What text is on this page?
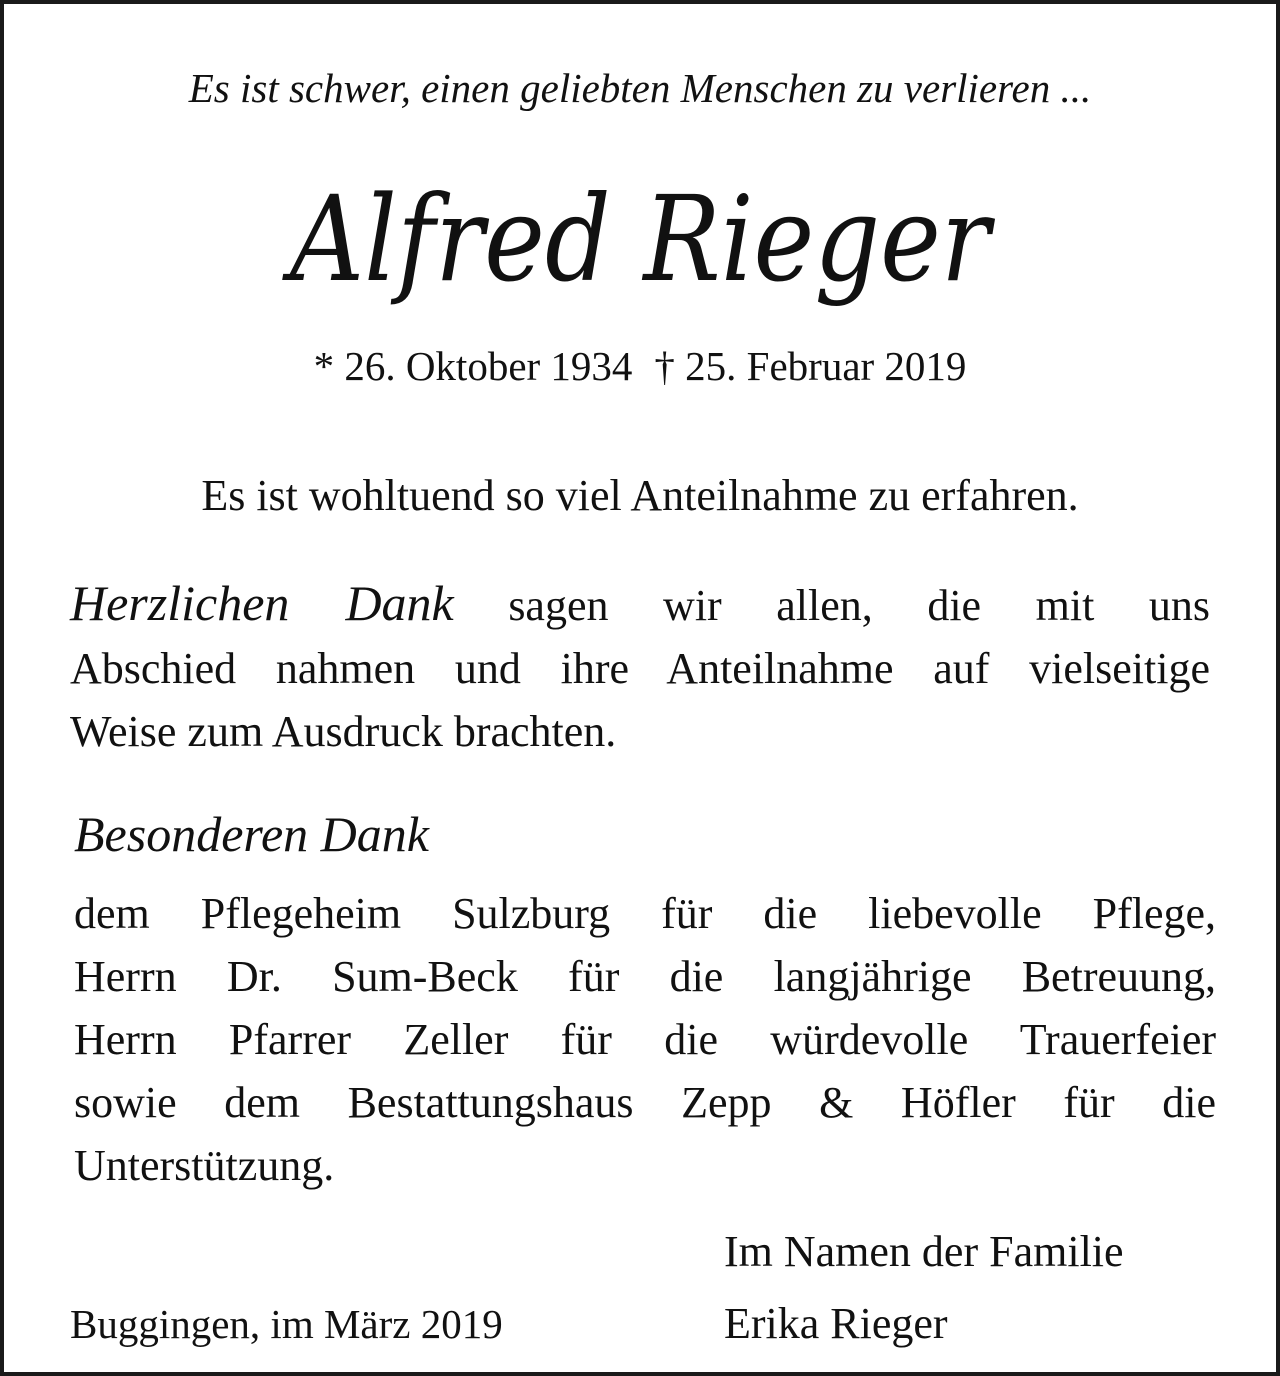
Es ist schwer, einen geliebten Menschen zu verlieren ...

Alfred Rieger

* 26. Oktober 1934 † 25. Februar 2019

Es ist wohltuend so viel Anteilnahme zu erfahren.

Herzlichen Dank sagen wir allen, die mit uns
Abschied nahmen und ihre Anteilnahme auf vielseitige
Weise zum Ausdruck brachten.

Besonderen Dank

dem Pflegeheim Sulzburg für die liebevolle Pflege,
Herrn Dr. Sum-Beck für die langjährige Betreuung,
Herrn Pfarrer Zeller für die würdevolle Trauerfeier
sowie dem Bestattungshaus Zepp & Höfler für die
Unterstützung.

Im Namen der Familie

Buggingen, im März 2019	Erika Rieger
